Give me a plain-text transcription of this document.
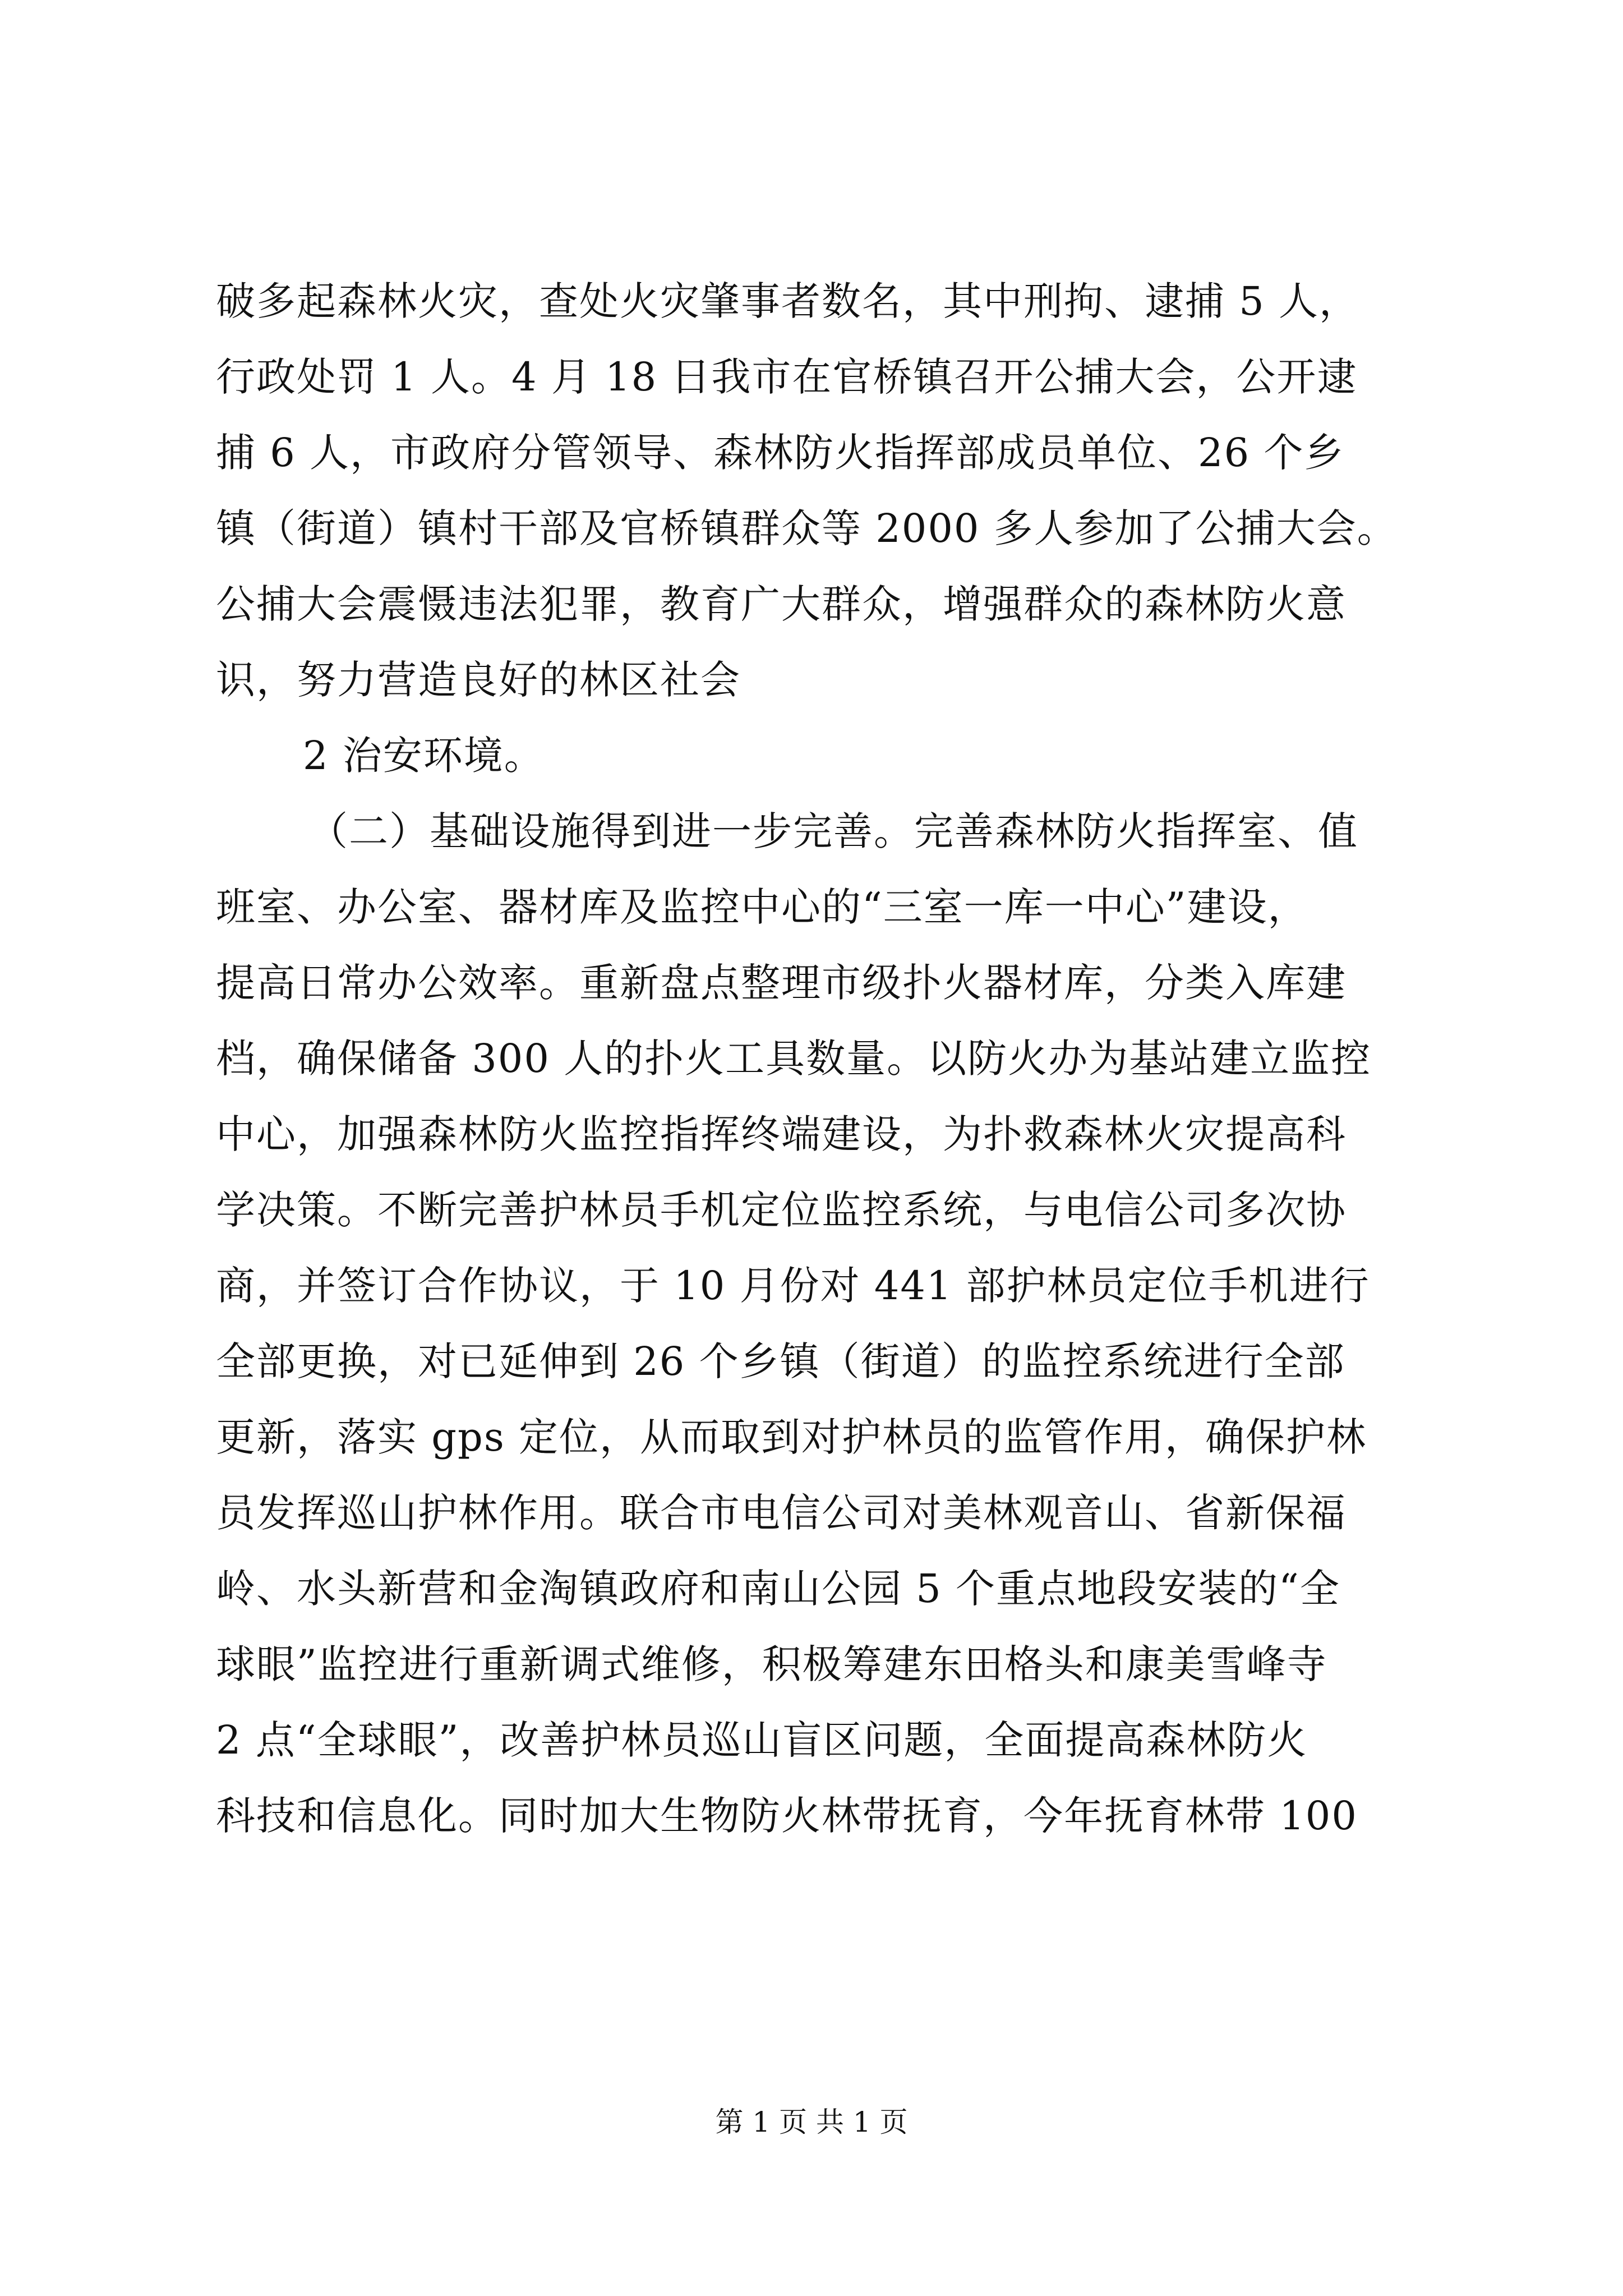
破多起森林火灾，查处火灾肇事者数名，其中刑拘、逮捕 5 人，
行政处罚 1 人。4 月 18 日我市在官桥镇召开公捕大会，公开逮
捕 6 人，市政府分管领导、森林防火指挥部成员单位、26 个乡
镇（街道）镇村干部及官桥镇群众等 2000 多人参加了公捕大会。
公捕大会震慑违法犯罪，教育广大群众，增强群众的森林防火意
识，努力营造良好的林区社会
2 治安环境。
（二）基础设施得到进一步完善。完善森林防火指挥室、值
班室、办公室、器材库及监控中心的“三室一库一中心”建设，
提高日常办公效率。重新盘点整理市级扑火器材库，分类入库建
档，确保储备 300 人的扑火工具数量。以防火办为基站建立监控
中心，加强森林防火监控指挥终端建设，为扑救森林火灾提高科
学决策。不断完善护林员手机定位监控系统，与电信公司多次协
商，并签订合作协议，于 10 月份对 441 部护林员定位手机进行
全部更换，对已延伸到 26 个乡镇（街道）的监控系统进行全部
更新，落实 gps 定位，从而取到对护林员的监管作用，确保护林
员发挥巡山护林作用。联合市电信公司对美林观音山、省新保福
岭、水头新营和金淘镇政府和南山公园 5 个重点地段安装的“全
球眼”监控进行重新调式维修，积极筹建东田格头和康美雪峰寺
2 点“全球眼”，改善护林员巡山盲区问题，全面提高森林防火
科技和信息化。同时加大生物防火林带抚育，今年抚育林带 100
第 1 页 共 1 页
